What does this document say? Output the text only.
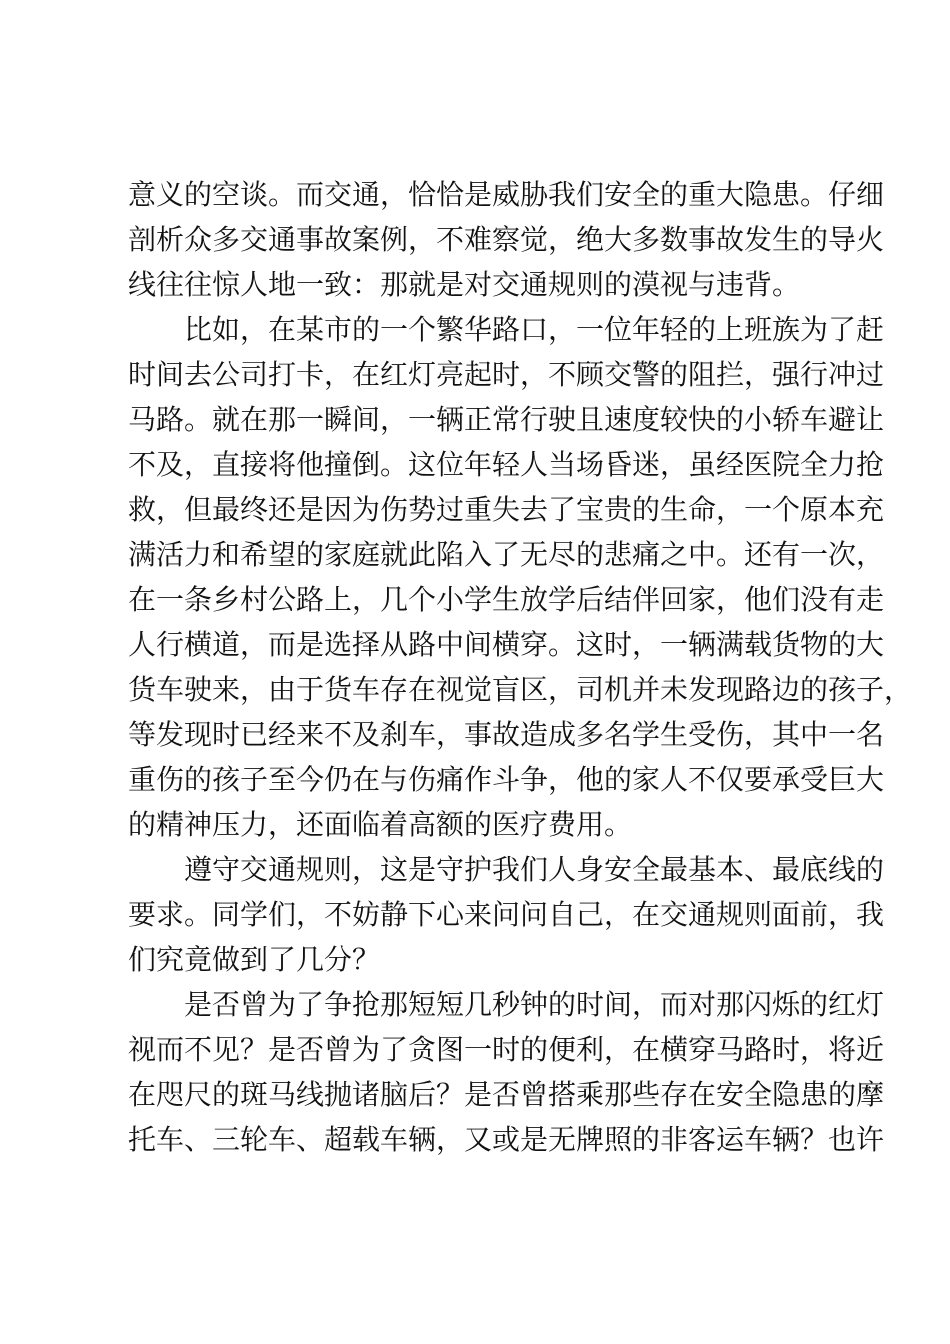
意义的空谈。而交通，恰恰是威胁我们安全的重大隐患。仔细
剖析众多交通事故案例，不难察觉，绝大多数事故发生的导火
线往往惊人地一致：那就是对交通规则的漠视与违背。

比如，在某市的一个繁华路口，一位年轻的上班族为了赶
时间去公司打卡，在红灯亮起时，不顾交警的阻拦，强行冲过
马路。就在那一瞬间，一辆正常行驶且速度较快的小轿车避让
不及，直接将他撞倒。这位年轻人当场昏迷，虽经医院全力抢
救，但最终还是因为伤势过重失去了宝贵的生命，一个原本充
满活力和希望的家庭就此陷入了无尽的悲痛之中。还有一次，
在一条乡村公路上，几个小学生放学后结伴回家，他们没有走
人行横道，而是选择从路中间横穿。这时，一辆满载货物的大
货车驶来，由于货车存在视觉盲区，司机并未发现路边的孩子，
等发现时已经来不及刹车，事故造成多名学生受伤，其中一名
重伤的孩子至今仍在与伤痛作斗争，他的家人不仅要承受巨大
的精神压力，还面临着高额的医疗费用。

遵守交通规则，这是守护我们人身安全最基本、最底线的
要求。同学们，不妨静下心来问问自己，在交通规则面前，我
们究竟做到了几分？

是否曾为了争抢那短短几秒钟的时间，而对那闪烁的红灯
视而不见？是否曾为了贪图一时的便利，在横穿马路时，将近
在咫尺的斑马线抛诸脑后？是否曾搭乘那些存在安全隐患的摩
托车、三轮车、超载车辆，又或是无牌照的非客运车辆？也许
